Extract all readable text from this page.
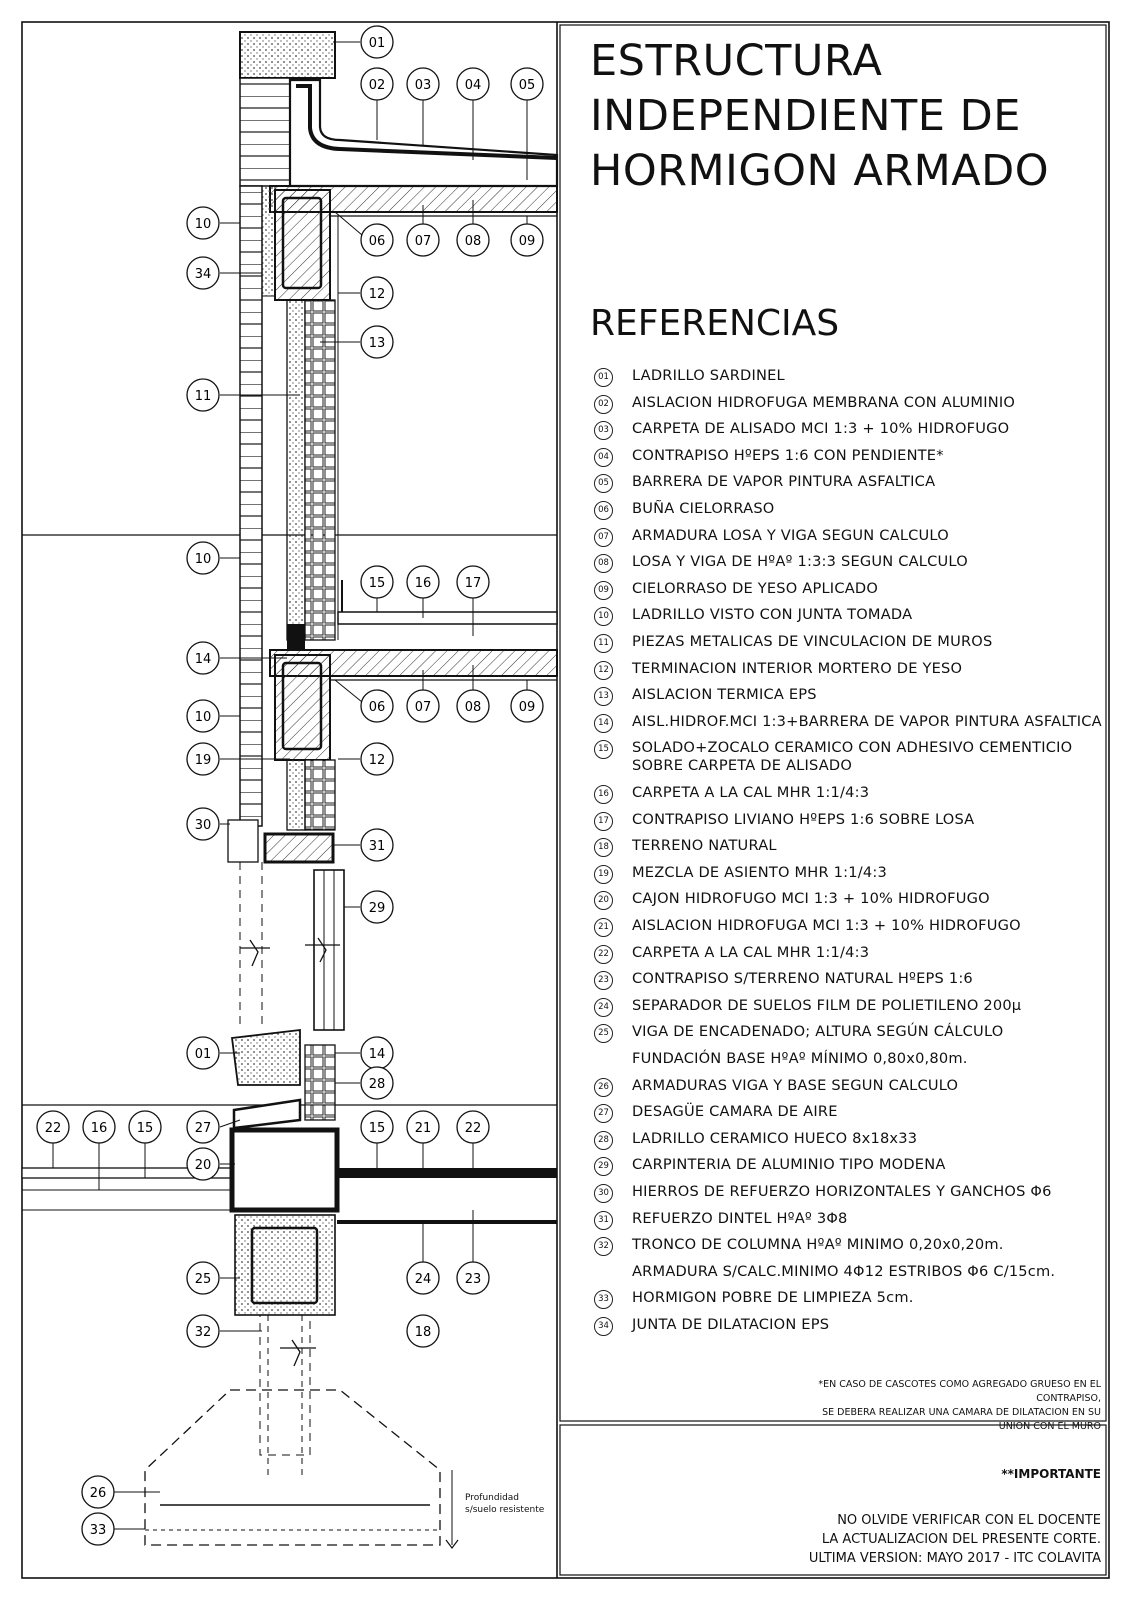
01
02 03	04	05
10
34
06 07	08	09
12
13
11
10
15 16	17
14
10
06 07	08	09
19	12
30
31
29
01	14
28
22 16 15	27	15 21	22
20
25	24	23
32	18
26
33
ESTRUCTURA
INDEPENDIENTE DE
HORMIGON ARMADO
REFERENCIAS
01 LADRILLO SARDINEL
02 AISLACION HIDROFUGA MEMBRANA CON ALUMINIO
03 CARPETA DE ALISADO MCI 1:3 + 10% HIDROFUGO
04 CONTRAPISO HºEPS 1:6 CON PENDIENTE*
05 BARRERA DE VAPOR PINTURA ASFALTICA
06 BUÑA CIELORRASO
07 ARMADURA LOSA Y VIGA SEGUN CALCULO
08 LOSA Y VIGA DE HºAº 1:3:3 SEGUN CALCULO
09 CIELORRASO DE YESO APLICADO
10 LADRILLO VISTO CON JUNTA TOMADA
11 PIEZAS METALICAS DE VINCULACION DE MUROS
12 TERMINACION INTERIOR MORTERO DE YESO
13 AISLACION TERMICA EPS
14 AISL.HIDROF.MCI 1:3+BARRERA DE VAPOR PINTURA ASFALTICA
15 SOLADO+ZOCALO CERAMICO CON ADHESIVO CEMENTICIO
SOBRE CARPETA DE ALISADO
16 CARPETA A LA CAL MHR 1:1/4:3
17 CONTRAPISO LIVIANO HºEPS 1:6 SOBRE LOSA
18 TERRENO NATURAL
19 MEZCLA DE ASIENTO MHR 1:1/4:3
20 CAJON HIDROFUGO MCI 1:3 + 10% HIDROFUGO
21 AISLACION HIDROFUGA MCI 1:3 + 10% HIDROFUGO
22 CARPETA A LA CAL MHR 1:1/4:3
23 CONTRAPISO S/TERRENO NATURAL HºEPS 1:6
24 SEPARADOR DE SUELOS FILM DE POLIETILENO 200μ
25 VIGA DE ENCADENADO; ALTURA SEGÚN CÁLCULO
FUNDACIÓN BASE HºAº MÍNIMO 0,80x0,80m.
26 ARMADURAS VIGA Y BASE SEGUN CALCULO
27 DESAGÜE CAMARA DE AIRE
28 LADRILLO CERAMICO HUECO 8x18x33
29 CARPINTERIA DE ALUMINIO TIPO MODENA
30 HIERROS DE REFUERZO HORIZONTALES Y GANCHOS Φ6
31 REFUERZO DINTEL HºAº 3Φ8
32 TRONCO DE COLUMNA HºAº MINIMO 0,20x0,20m.
ARMADURA S/CALC.MINIMO 4Φ12 ESTRIBOS Φ6 C/15cm.
33 HORMIGON POBRE DE LIMPIEZA 5cm.
34 JUNTA DE DILATACION EPS
Profundidad
s/suelo resistente
*EN CASO DE CASCOTES COMO AGREGADO GRUESO EN EL
CONTRAPISO,
SE DEBERA REALIZAR UNA CAMARA DE DILATACION EN SU
UNION CON EL MURO
**IMPORTANTE
NO OLVIDE VERIFICAR CON EL DOCENTE
LA ACTUALIZACION DEL PRESENTE CORTE.
ULTIMA VERSION: MAYO 2017 - ITC COLAVITA
